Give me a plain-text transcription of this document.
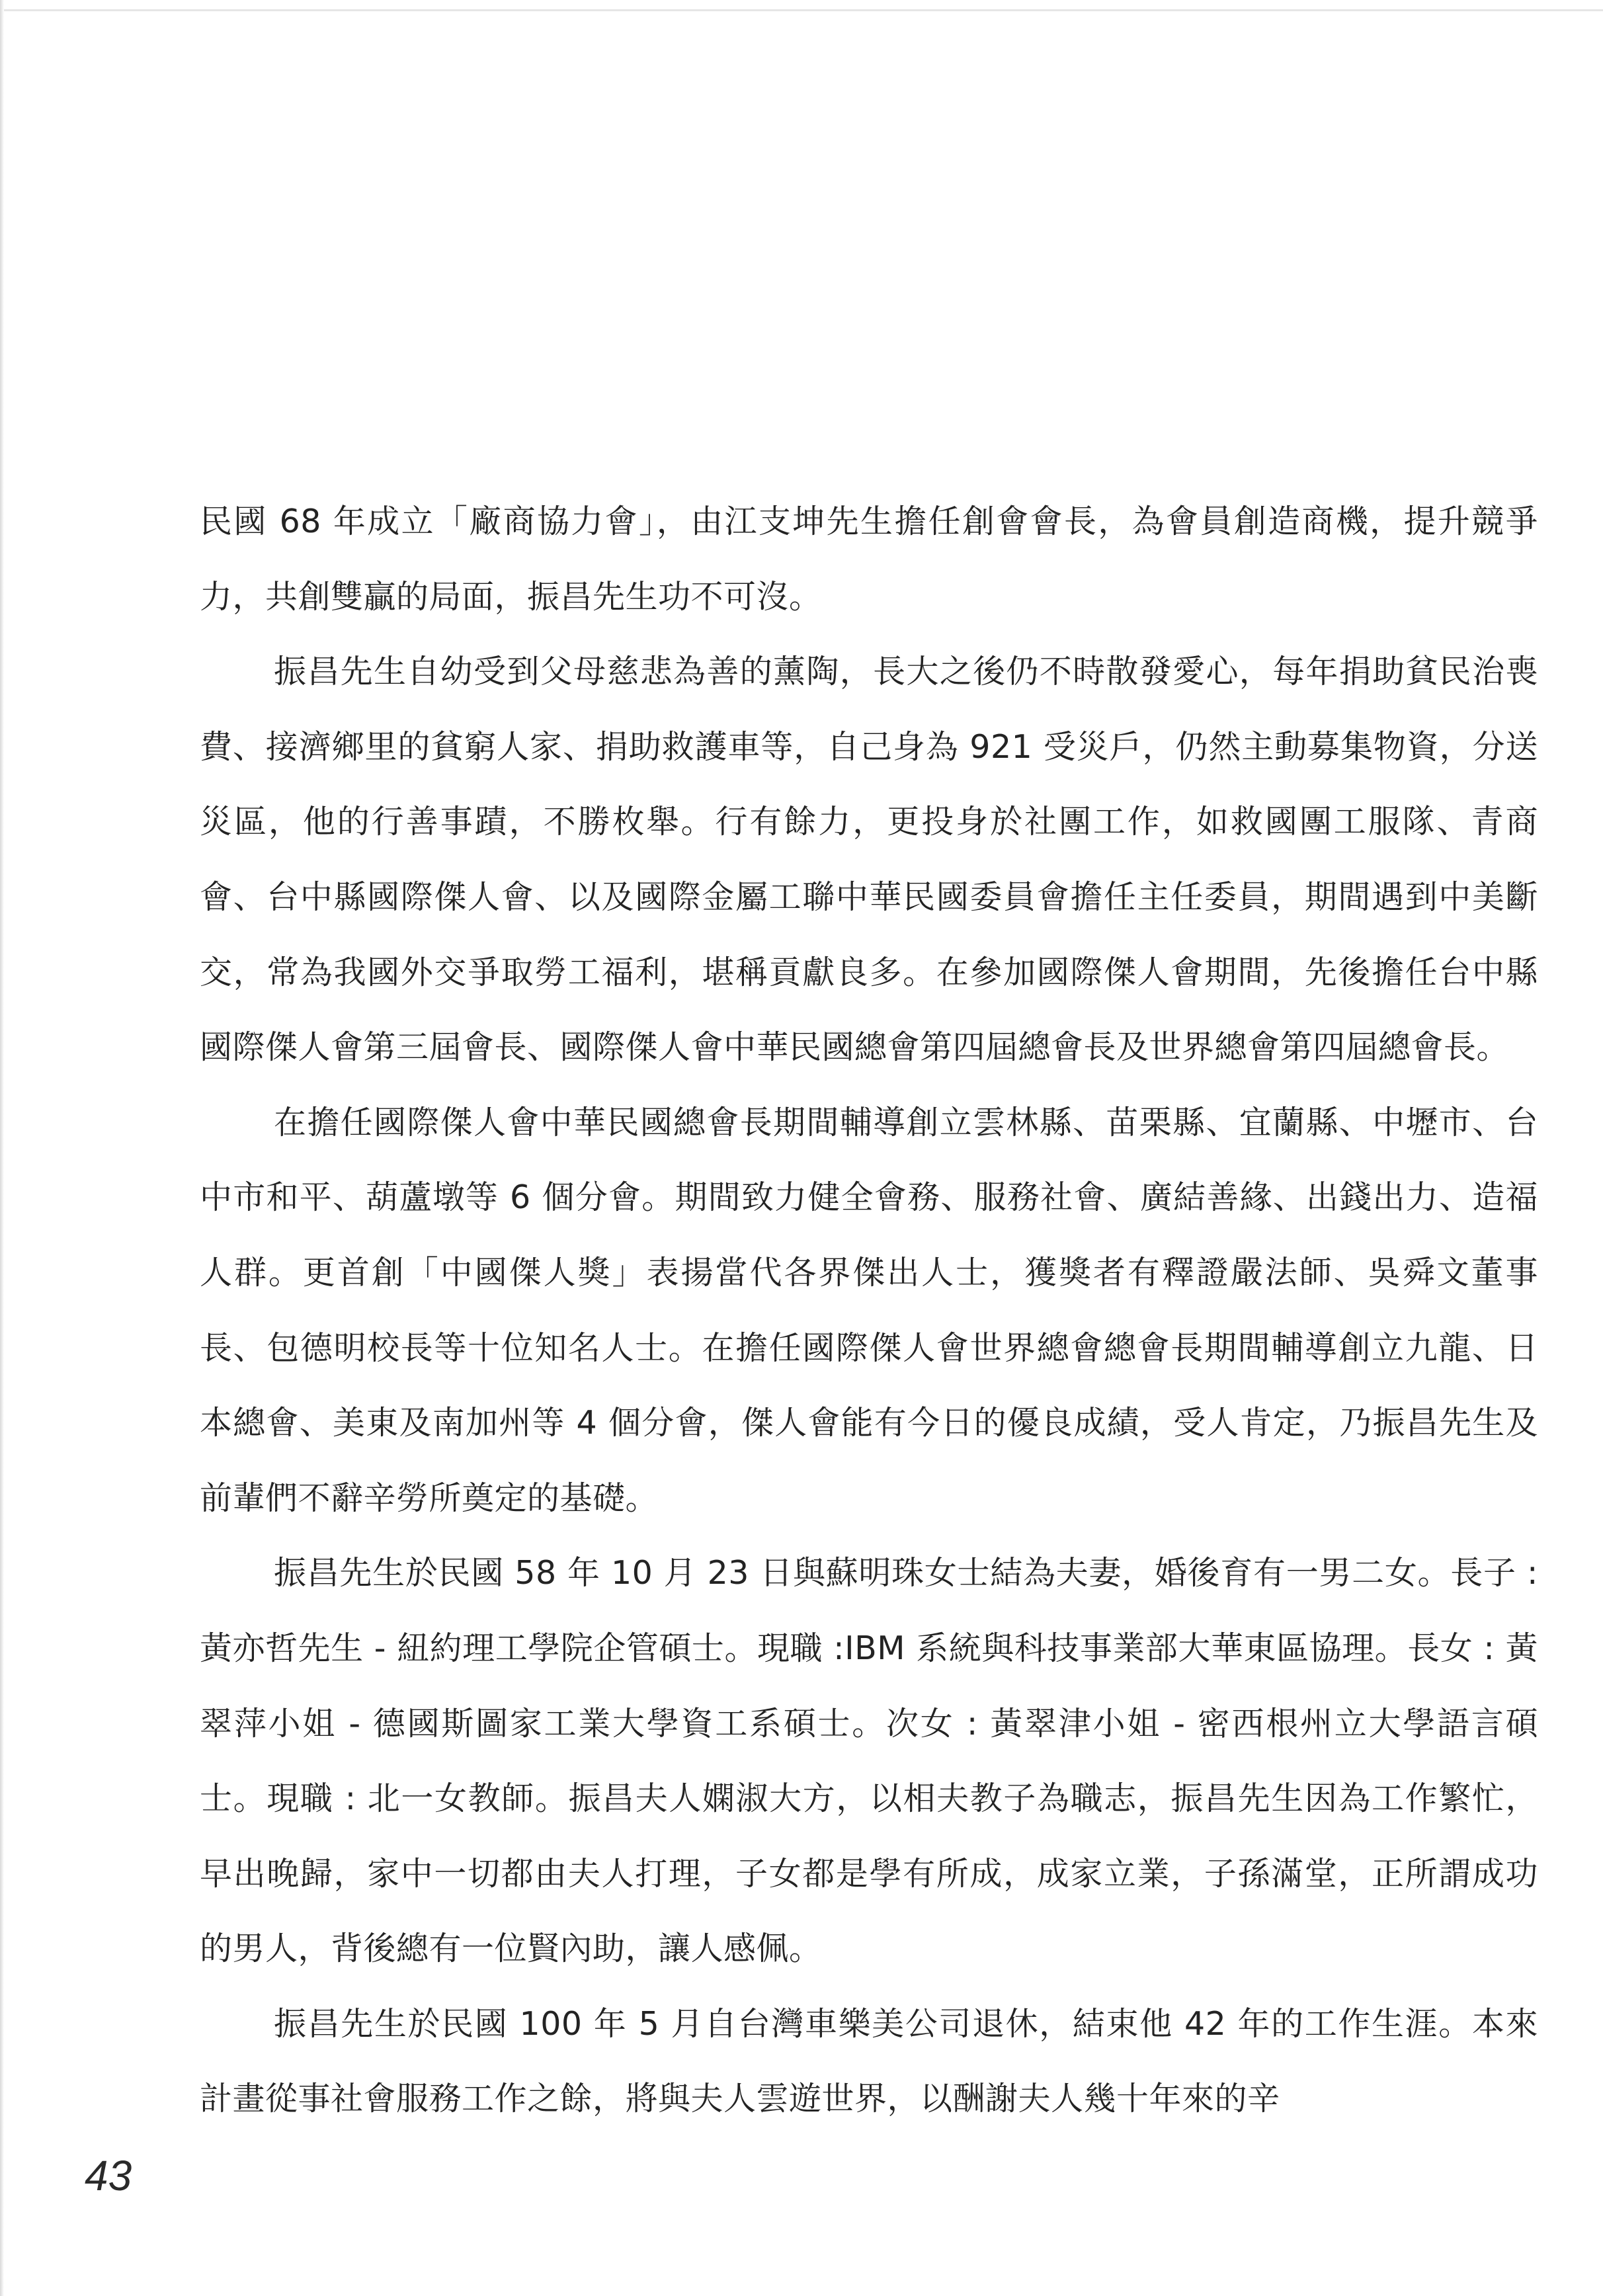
民國 68 年成立「廠商協力會」，由江支坤先生擔任創會會長，為會員創造商機，提升競爭力，共創雙贏的局面，振昌先生功不可沒。

振昌先生自幼受到父母慈悲為善的薰陶，長大之後仍不時散發愛心，每年捐助貧民治喪費、接濟鄉里的貧窮人家、捐助救護車等，自己身為 921 受災戶，仍然主動募集物資，分送災區，他的行善事蹟，不勝枚舉。行有餘力，更投身於社團工作，如救國團工服隊、青商會、台中縣國際傑人會、以及國際金屬工聯中華民國委員會擔任主任委員，期間遇到中美斷交，常為我國外交爭取勞工福利，堪稱貢獻良多。在參加國際傑人會期間，先後擔任台中縣國際傑人會第三屆會長、國際傑人會中華民國總會第四屆總會長及世界總會第四屆總會長。

在擔任國際傑人會中華民國總會長期間輔導創立雲林縣、苗栗縣、宜蘭縣、中壢市、台中市和平、葫蘆墩等 6 個分會。期間致力健全會務、服務社會、廣結善緣、出錢出力、造福人群。更首創「中國傑人獎」表揚當代各界傑出人士，獲獎者有釋證嚴法師、吳舜文董事長、包德明校長等十位知名人士。在擔任國際傑人會世界總會總會長期間輔導創立九龍、日本總會、美東及南加州等 4 個分會，傑人會能有今日的優良成績，受人肯定，乃振昌先生及前輩們不辭辛勞所奠定的基礎。

振昌先生於民國 58 年 10 月 23 日與蘇明珠女士結為夫妻，婚後育有一男二女。長子 : 黃亦哲先生 - 紐約理工學院企管碩士。現職 :IBM 系統與科技事業部大華東區協理。長女 : 黃翠萍小姐 - 德國斯圖家工業大學資工系碩士。次女 : 黃翠津小姐 - 密西根州立大學語言碩士。現職 : 北一女教師。振昌夫人嫻淑大方，以相夫教子為職志，振昌先生因為工作繁忙，早出晚歸，家中一切都由夫人打理，子女都是學有所成，成家立業，子孫滿堂，正所謂成功的男人，背後總有一位賢內助，讓人感佩。

振昌先生於民國 100 年 5 月自台灣車樂美公司退休，結束他 42 年的工作生涯。本來計畫從事社會服務工作之餘，將與夫人雲遊世界，以酬謝夫人幾十年來的辛

43
